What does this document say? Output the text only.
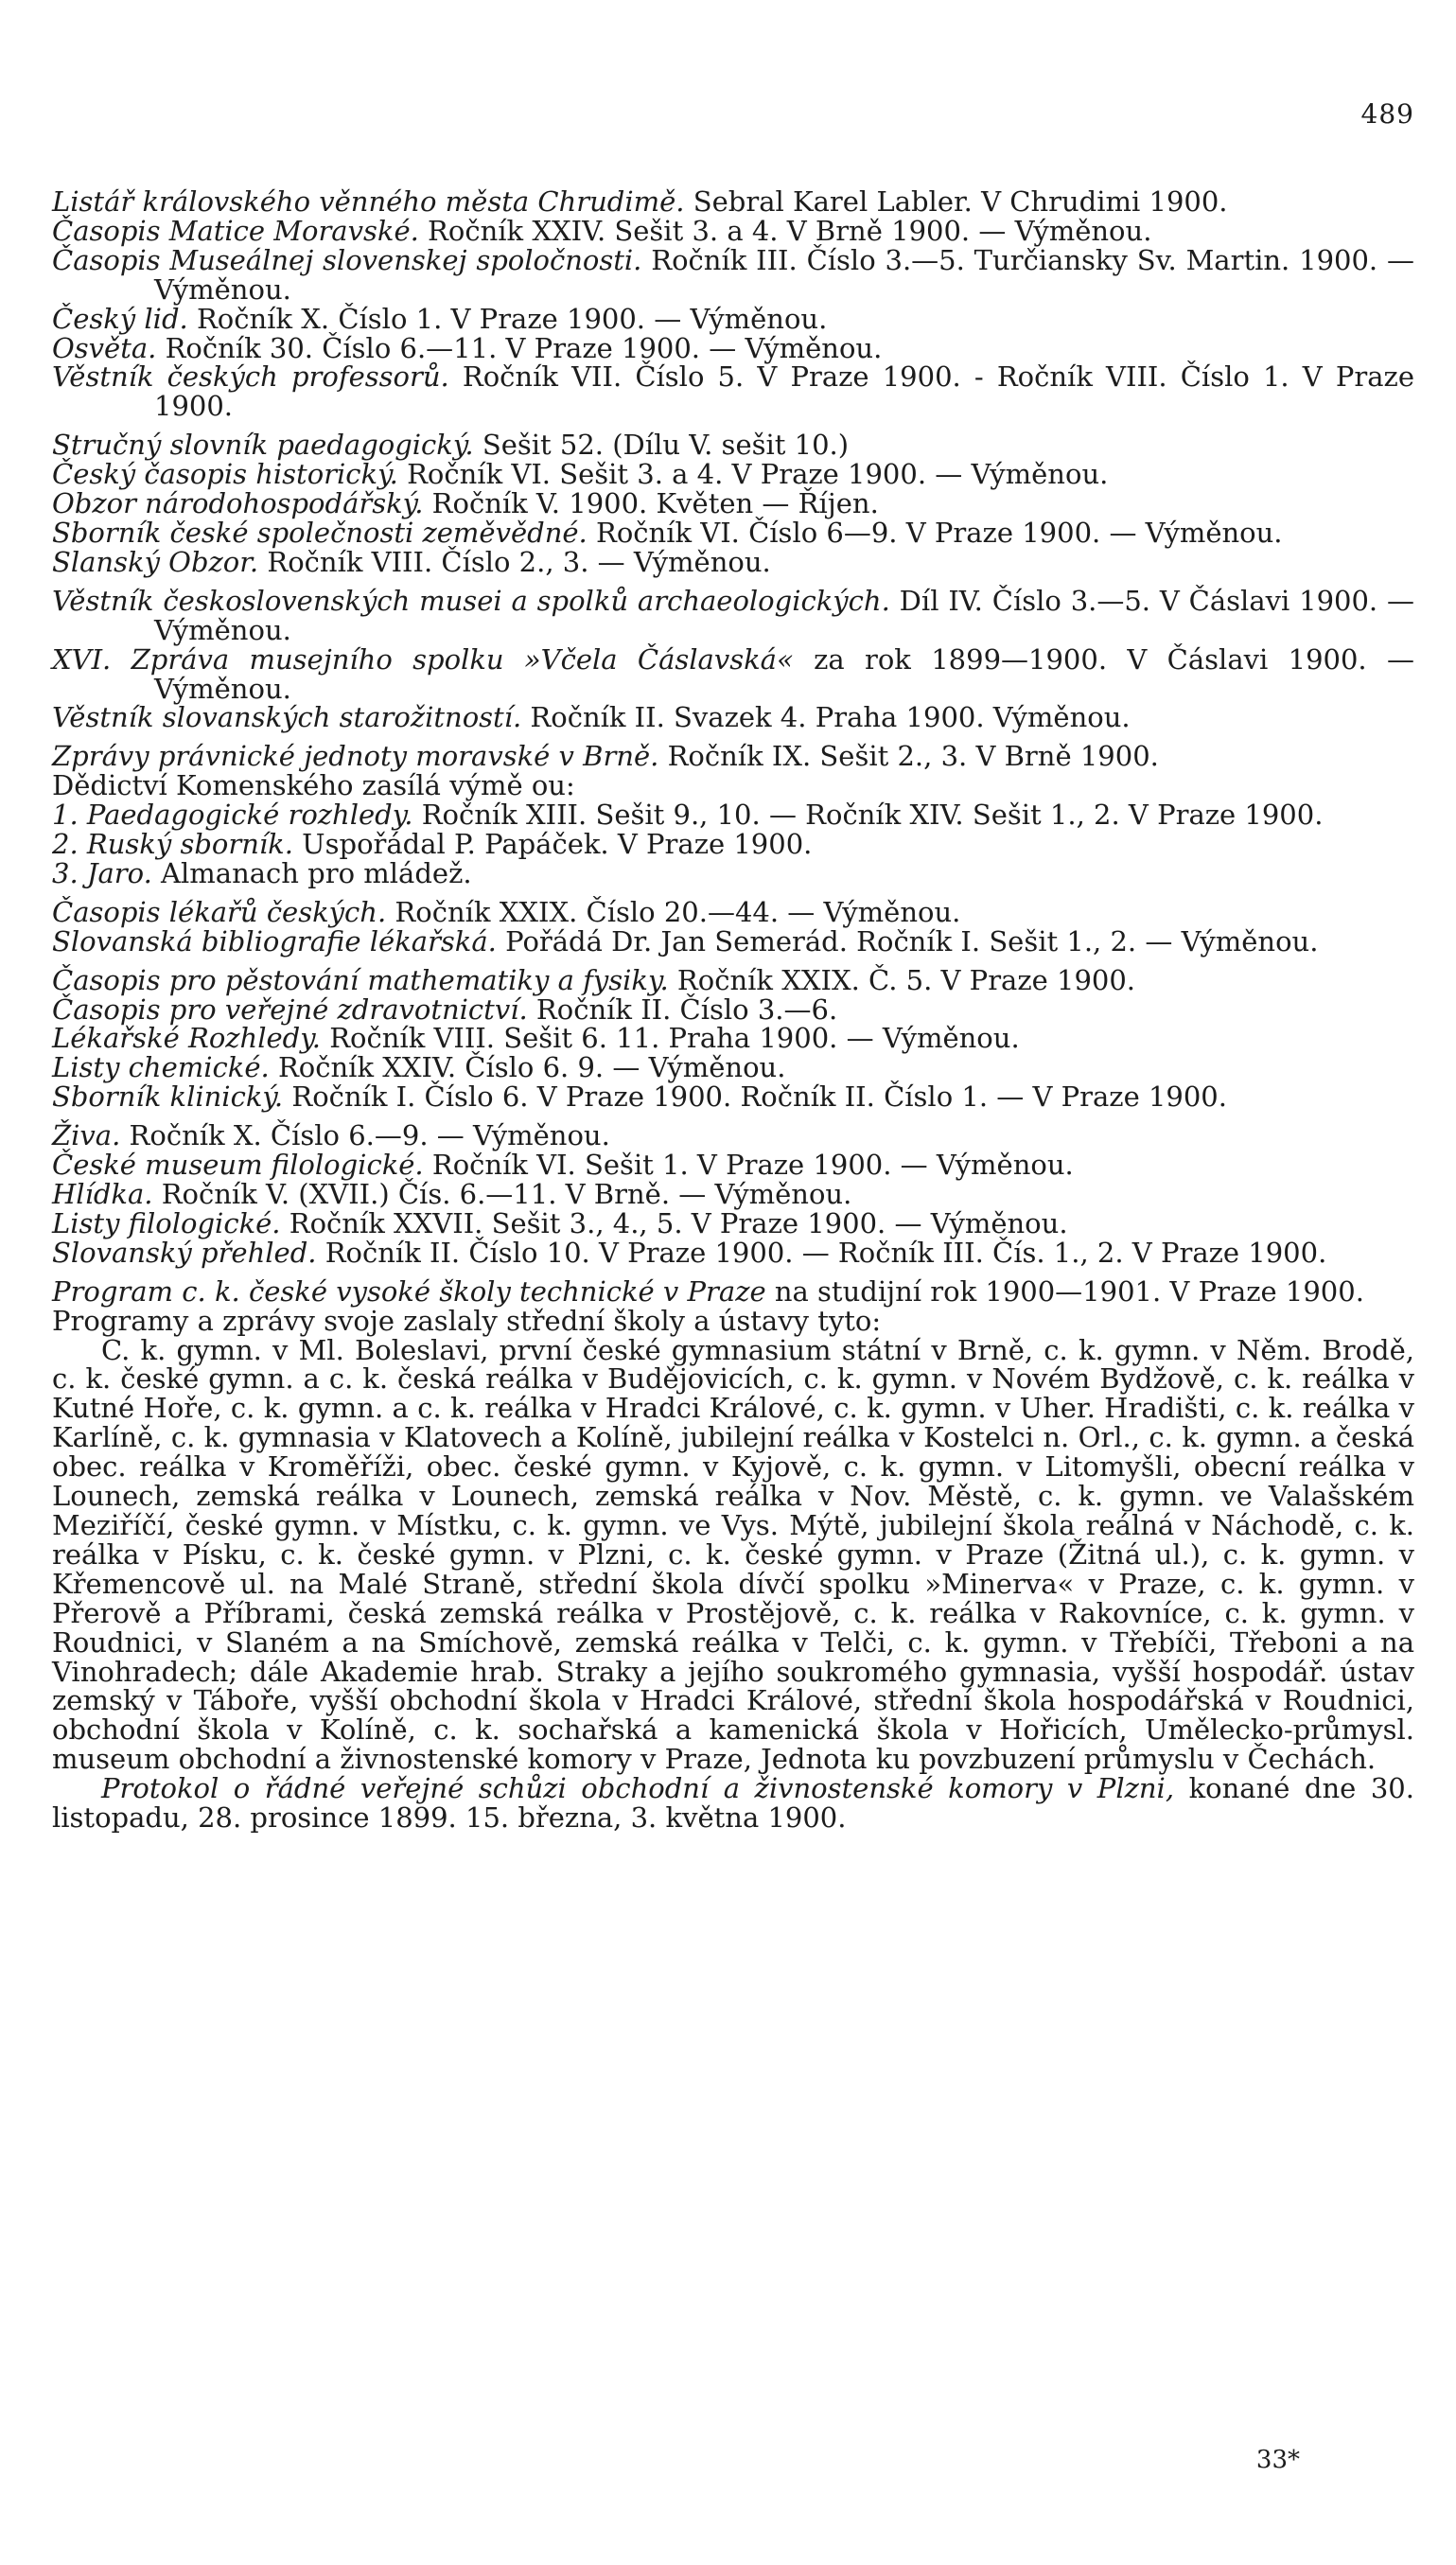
489

Listář královského věnného města Chrudimě. Sebral Karel Labler. V Chrudimi 1900.

Časopis Matice Moravské. Ročník XXIV. Sešit 3. a 4. V Brně 1900. — Výměnou.

Časopis Museálnej slovenskej spoločnosti. Ročník III. Číslo 3.—5. Turčiansky Sv. Martin. 1900. — Výměnou.

Český lid. Ročník X. Číslo 1. V Praze 1900. — Výměnou.

Osvěta. Ročník 30. Číslo 6.—11. V Praze 1900. — Výměnou.

Věstník českých professorů. Ročník VII. Číslo 5. V Praze 1900. - Ročník VIII. Číslo 1. V Praze 1900.

Stručný slovník paedagogický. Sešit 52. (Dílu V. sešit 10.)

Český časopis historický. Ročník VI. Sešit 3. a 4. V Praze 1900. — Výměnou.

Obzor národohospodářský. Ročník V. 1900. Květen — Říjen.

Sborník české společnosti zeměvědné. Ročník VI. Číslo 6—9. V Praze 1900. — Výměnou.

Slanský Obzor. Ročník VIII. Číslo 2., 3. — Výměnou.

Věstník československých musei a spolků archaeologických. Díl IV. Číslo 3.—5. V Čáslavi 1900. — Výměnou.

XVI. Zpráva musejního spolku »Včela Čáslavská« za rok 1899—1900. V Čáslavi 1900. — Výměnou.

Věstník slovanských starožitností. Ročník II. Svazek 4. Praha 1900. Výměnou.

Zprávy právnické jednoty moravské v Brně. Ročník IX. Sešit 2., 3. V Brně 1900.

Dědictví Komenského zasílá výmě ou:

1. Paedagogické rozhledy. Ročník XIII. Sešit 9., 10. — Ročník XIV. Sešit 1., 2. V Praze 1900.

2. Ruský sborník. Uspořádal P. Papáček. V Praze 1900.

3. Jaro. Almanach pro mládež.

Časopis lékařů českých. Ročník XXIX. Číslo 20.—44. — Výměnou.

Slovanská bibliografie lékařská. Pořádá Dr. Jan Semerád. Ročník I. Sešit 1., 2. — Výměnou.

Časopis pro pěstování mathematiky a fysiky. Ročník XXIX. Č. 5. V Praze 1900.

Časopis pro veřejné zdravotnictví. Ročník II. Číslo 3.—6.

Lékařské Rozhledy. Ročník VIII. Sešit 6. 11. Praha 1900. — Výměnou.

Listy chemické. Ročník XXIV. Číslo 6. 9. — Výměnou.

Sborník klinický. Ročník I. Číslo 6. V Praze 1900. Ročník II. Číslo 1. — V Praze 1900.

Živa. Ročník X. Číslo 6.—9. — Výměnou.

České museum filologické. Ročník VI. Sešit 1. V Praze 1900. — Výměnou.

Hlídka. Ročník V. (XVII.) Čís. 6.—11. V Brně. — Výměnou.

Listy filologické. Ročník XXVII. Sešit 3., 4., 5. V Praze 1900. — Výměnou.

Slovanský přehled. Ročník II. Číslo 10. V Praze 1900. — Ročník III. Čís. 1., 2. V Praze 1900.

Program c. k. české vysoké školy technické v Praze na studijní rok 1900—1901. V Praze 1900.

Programy a zprávy svoje zaslaly střední školy a ústavy tyto:

C. k. gymn. v Ml. Boleslavi, první české gymnasium státní v Brně, c. k. gymn. v Něm. Brodě, c. k. české gymn. a c. k. česká reálka v Budějovicích, c. k. gymn. v Novém Bydžově, c. k. reálka v Kutné Hoře, c. k. gymn. a c. k. reálka v Hradci Králové, c. k. gymn. v Uher. Hradišti, c. k. reálka v Karlíně, c. k. gymnasia v Klatovech a Kolíně, jubilejní reálka v Kostelci n. Orl., c. k. gymn. a česká obec. reálka v Kroměříži, obec. české gymn. v Kyjově, c. k. gymn. v Litomyšli, obecní reálka v Lounech, zemská reálka v Lounech, zemská reálka v Nov. Městě, c. k. gymn. ve Valašském Meziříčí, české gymn. v Místku, c. k. gymn. ve Vys. Mýtě, jubilejní škola reálná v Náchodě, c. k. reálka v Písku, c. k. české gymn. v Plzni, c. k. české gymn. v Praze (Žitná ul.), c. k. gymn. v Křemencově ul. na Malé Straně, střední škola dívčí spolku »Minerva« v Praze, c. k. gymn. v Přerově a Příbrami, česká zemská reálka v Prostějově, c. k. reálka v Rakovníce, c. k. gymn. v Roudnici, v Slaném a na Smíchově, zemská reálka v Telči, c. k. gymn. v Třebíči, Třeboni a na Vinohradech; dále Akademie hrab. Straky a jejího soukromého gymnasia, vyšší hospodář. ústav zemský v Táboře, vyšší obchodní škola v Hradci Králové, střední škola hospodářská v Roudnici, obchodní škola v Kolíně, c. k. sochařská a kamenická škola v Hořicích, Umělecko-průmysl. museum obchodní a živnostenské komory v Praze, Jednota ku povzbuzení průmyslu v Čechách.

Protokol o řádné veřejné schůzi obchodní a živnostenské komory v Plzni, konané dne 30. listopadu, 28. prosince 1899. 15. března, 3. května 1900.

33*
